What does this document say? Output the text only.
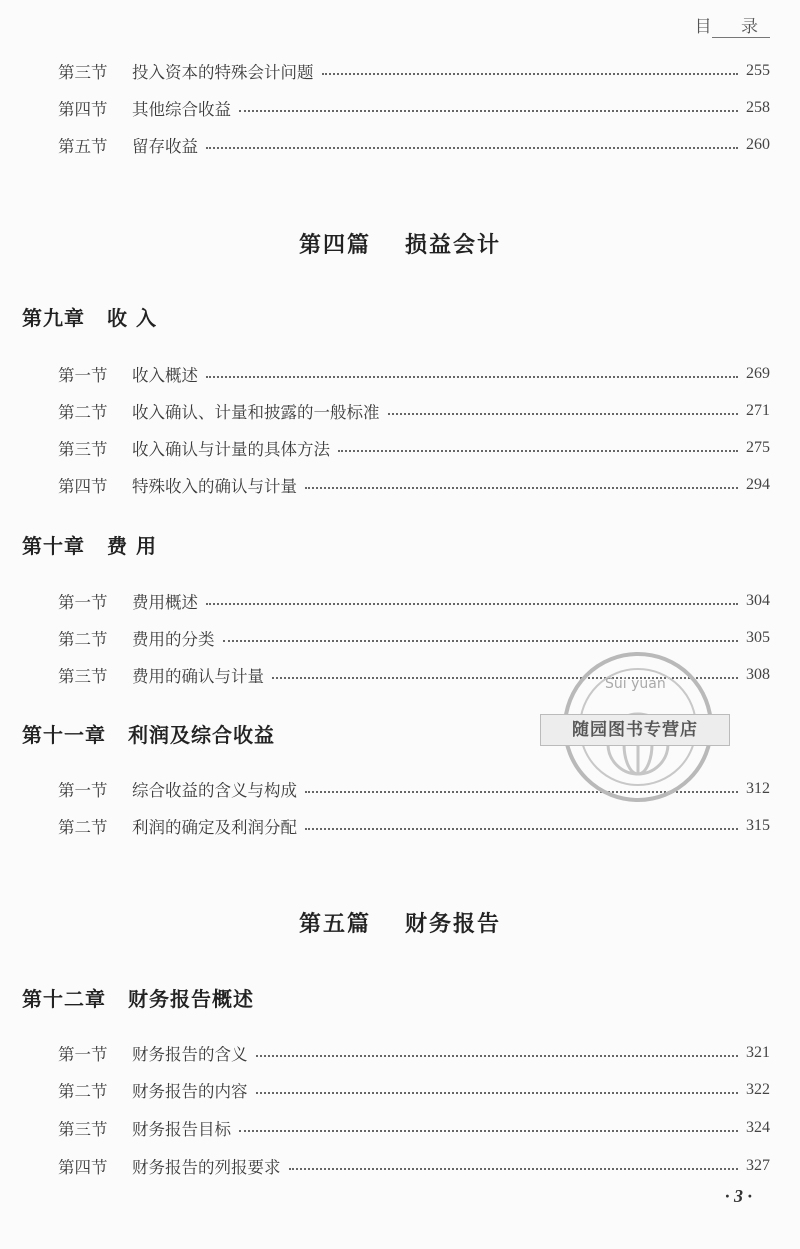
目 录
第三节	投入资本的特殊会计问题	255
第四节	其他综合收益	258
第五节	留存收益	260
第四篇 损益会计
第九章 收 入
第一节	收入概述	269
第二节	收入确认、计量和披露的一般标准	271
第三节	收入确认与计量的具体方法	275
第四节	特殊收入的确认与计量	294
第十章 费 用
第一节	费用概述	304
第二节	费用的分类	305
第三节	费用的确认与计量	308
第十一章 利润及综合收益
第一节	综合收益的含义与构成	312
第二节	利润的确定及利润分配	315
第五篇 财务报告
第十二章 财务报告概述
第一节	财务报告的含义	321
第二节	财务报告的内容	322
第三节	财务报告目标	324
第四节	财务报告的列报要求	327
Sui yuan
随园图书专营店
· 3 ·
